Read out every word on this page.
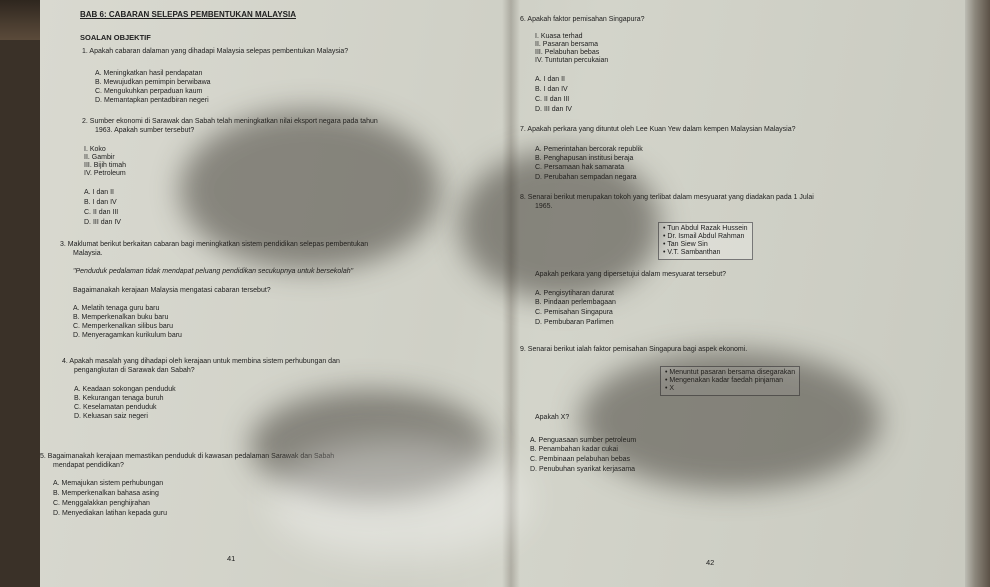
BAB 6: CABARAN SELEPAS PEMBENTUKAN MALAYSIA
SOALAN OBJEKTIF
1. Apakah cabaran dalaman yang dihadapi Malaysia selepas pembentukan Malaysia?
A. Meningkatkan hasil pendapatan
B. Mewujudkan pemimpin berwibawa
C. Mengukuhkan perpaduan kaum
D. Memantapkan pentadbiran negeri
2. Sumber ekonomi di Sarawak dan Sabah telah meningkatkan nilai eksport negara pada tahun
1963. Apakah sumber tersebut?
I. Koko
II. Gambir
III. Bijih timah
IV. Petroleum
A. I dan II
B. I dan IV
C. II dan III
D. III dan IV
3. Maklumat berikut berkaitan cabaran bagi meningkatkan sistem pendidikan selepas pembentukan
Malaysia.
"Penduduk pedalaman tidak mendapat peluang pendidikan secukupnya untuk bersekolah"
Bagaimanakah kerajaan Malaysia mengatasi cabaran tersebut?
A. Melatih tenaga guru baru
B. Memperkenalkan buku baru
C. Memperkenalkan silibus baru
D. Menyeragamkan kurikulum baru
4. Apakah masalah yang dihadapi oleh kerajaan untuk membina sistem perhubungan dan
pengangkutan di Sarawak dan Sabah?
A. Keadaan sokongan penduduk
B. Kekurangan tenaga buruh
C. Keselamatan penduduk
D. Keluasan saiz negeri
5. Bagaimanakah kerajaan memastikan penduduk di kawasan pedalaman Sarawak dan Sabah
mendapat pendidikan?
A. Memajukan sistem perhubungan
B. Memperkenalkan bahasa asing
C. Menggalakkan penghijrahan
D. Menyediakan latihan kepada guru
41
6. Apakah faktor pemisahan Singapura?
I. Kuasa terhad
II. Pasaran bersama
III. Pelabuhan bebas
IV. Tuntutan percukaian
A. I dan II
B. I dan IV
C. II dan III
D. III dan IV
7. Apakah perkara yang dituntut oleh Lee Kuan Yew dalam kempen Malaysian Malaysia?
A. Pemerintahan bercorak republik
B. Penghapusan institusi beraja
C. Persamaan hak samarata
D. Perubahan sempadan negara
8. Senarai berikut merupakan tokoh yang terlibat dalam mesyuarat yang diadakan pada 1 Julai
1965.
• Tun Abdul Razak Hussein
• Dr. Ismail Abdul Rahman
• Tan Siew Sin
• V.T. Sambanthan
Apakah perkara yang dipersetujui dalam mesyuarat tersebut?
A. Pengisytiharan darurat
B. Pindaan perlembagaan
C. Pemisahan Singapura
D. Pembubaran Parlimen
9. Senarai berikut ialah faktor pemisahan Singapura bagi aspek ekonomi.
• Menuntut pasaran bersama disegarakan
• Mengenakan kadar faedah pinjaman
• X
Apakah X?
A. Penguasaan sumber petroleum
B. Penambahan kadar cukai
C. Pembinaan pelabuhan bebas
D. Penubuhan syarikat kerjasama
42
